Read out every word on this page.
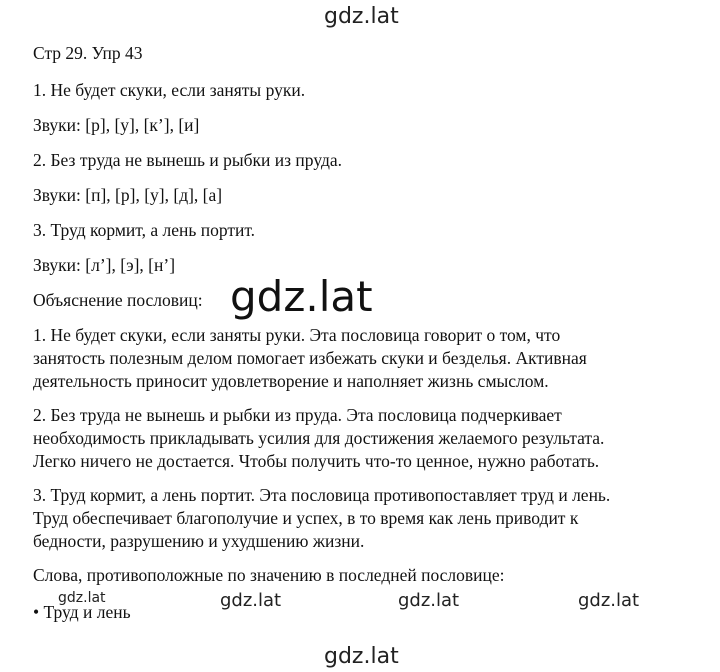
gdz.lat

Стр 29. Упр 43

1. Не будет скуки, если заняты руки.

Звуки: [р], [у], [к’], [и]

2. Без труда не вынешь и рыбки из пруда.

Звуки: [п], [р], [у], [д], [а]

3. Труд кормит, а лень портит.

Звуки: [л’], [э], [н’]

Объяснение пословиц:

1. Не будет скуки, если заняты руки. Эта пословица говорит о том, что

занятость полезным делом помогает избежать скуки и безделья. Активная

деятельность приносит удовлетворение и наполняет жизнь смыслом.

2. Без труда не вынешь и рыбки из пруда. Эта пословица подчеркивает

необходимость прикладывать усилия для достижения желаемого результата.

Легко ничего не достается. Чтобы получить что-то ценное, нужно работать.

3. Труд кормит, а лень портит. Эта пословица противопоставляет труд и лень.

Труд обеспечивает благополучие и успех, в то время как лень приводит к

бедности, разрушению и ухудшению жизни.

Слова, противоположные по значению в последней пословице:

• Труд и лень

gdz.lat
gdz.lat	gdz.lat	gdz.lat	gdz.lat
gdz.lat
